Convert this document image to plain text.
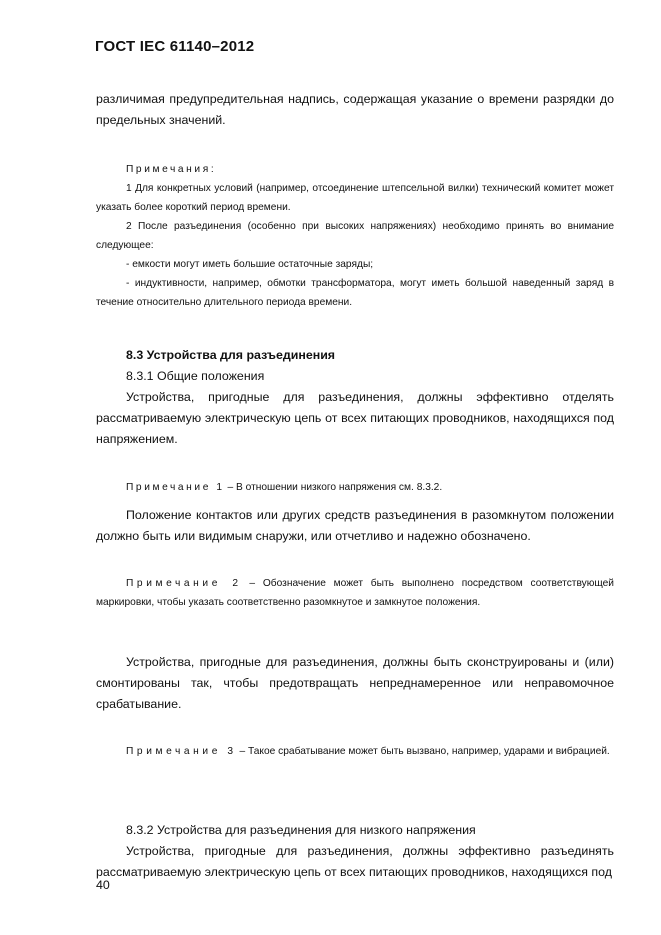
ГОСТ IEC 61140–2012

различимая предупредительная надпись, содержащая указание о времени разрядки до предельных значений.

Примечания:

1 Для конкретных условий (например, отсоединение штепсельной вилки) технический комитет может указать более короткий период времени.

2 После разъединения (особенно при высоких напряжениях) необходимо принять во внимание следующее:

- емкости могут иметь большие остаточные заряды;

- индуктивности, например, обмотки трансформатора, могут иметь большой наведенный заряд в течение относительно длительного периода времени.

8.3 Устройства для разъединения

8.3.1 Общие положения

Устройства, пригодные для разъединения, должны эффективно отделять рассматриваемую электрическую цепь от всех питающих проводников, находящихся под напряжением.

Примечание 1 – В отношении низкого напряжения см. 8.3.2.

Положение контактов или других средств разъединения в разомкнутом положении должно быть или видимым снаружи, или отчетливо и надежно обозначено.

Примечание 2 – Обозначение может быть выполнено посредством соответствующей маркировки, чтобы указать соответственно разомкнутое и замкнутое положения.

Устройства, пригодные для разъединения, должны быть сконструированы и (или) смонтированы так, чтобы предотвращать непреднамеренное или неправомочное срабатывание.

Примечание 3 – Такое срабатывание может быть вызвано, например, ударами и вибрацией.

8.3.2 Устройства для разъединения для низкого напряжения

Устройства, пригодные для разъединения, должны эффективно разъединять рассматриваемую электрическую цепь от всех питающих проводников, находящихся под

40
